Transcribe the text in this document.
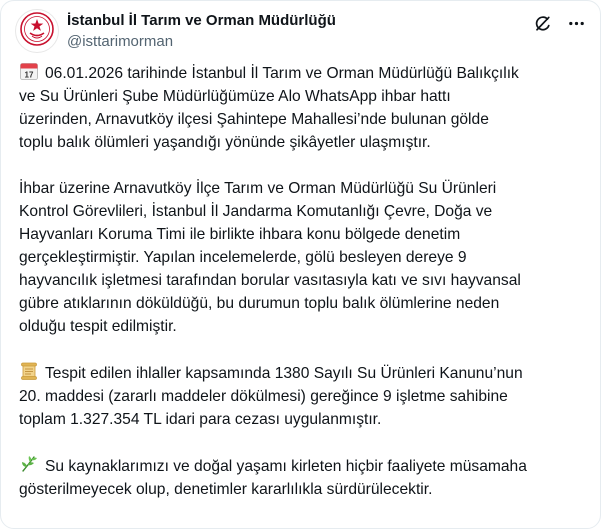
İstanbul İl Tarım ve Orman Müdürlüğü
@isttarimorman

17 06.01.2026 tarihinde İstanbul İl Tarım ve Orman Müdürlüğü Balıkçılık
ve Su Ürünleri Şube Müdürlüğümüze Alo WhatsApp ihbar hattı
üzerinden, Arnavutköy ilçesi Şahintepe Mahallesi’nde bulunan gölde
toplu balık ölümleri yaşandığı yönünde şikâyetler ulaşmıştır.

İhbar üzerine Arnavutköy İlçe Tarım ve Orman Müdürlüğü Su Ürünleri
Kontrol Görevlileri, İstanbul İl Jandarma Komutanlığı Çevre, Doğa ve
Hayvanları Koruma Timi ile birlikte ihbara konu bölgede denetim
gerçekleştirmiştir. Yapılan incelemelerde, gölü besleyen dereye 9
hayvancılık işletmesi tarafından borular vasıtasıyla katı ve sıvı hayvansal
gübre atıklarının döküldüğü, bu durumun toplu balık ölümlerine neden
olduğu tespit edilmiştir.

Tespit edilen ihlaller kapsamında 1380 Sayılı Su Ürünleri Kanunu’nun
20. maddesi (zararlı maddeler dökülmesi) gereğince 9 işletme sahibine
toplam 1.327.354 TL idari para cezası uygulanmıştır.

Su kaynaklarımızı ve doğal yaşamı kirleten hiçbir faaliyete müsamaha
gösterilmeyecek olup, denetimler kararlılıkla sürdürülecektir.
